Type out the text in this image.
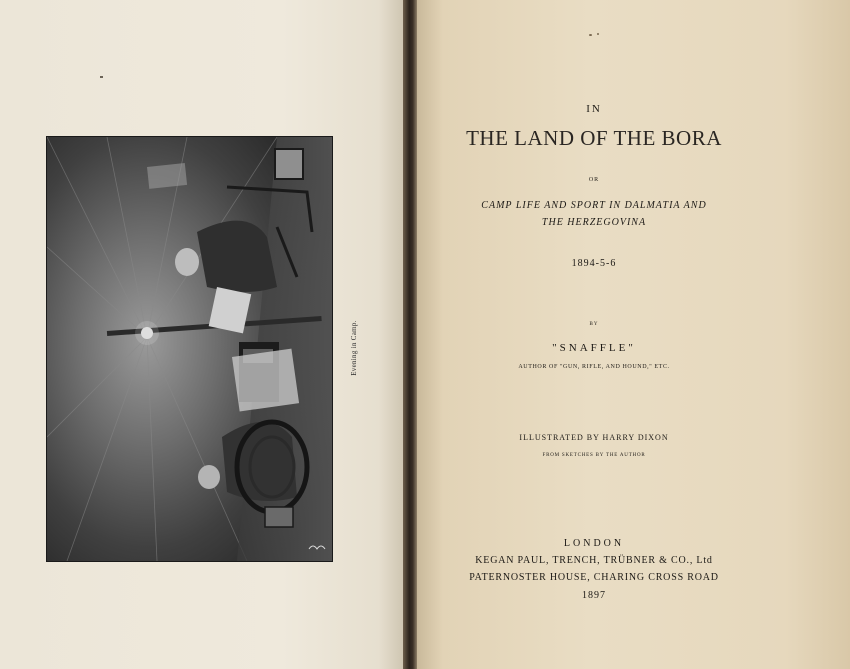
Evening in Camp.
IN
THE LAND OF THE BORA
OR
CAMP LIFE AND SPORT IN DALMATIA AND
THE HERZEGOVINA
1894-5-6
BY
"SNAFFLE"
AUTHOR OF "GUN, RIFLE, AND HOUND," ETC.
ILLUSTRATED BY HARRY DIXON
FROM SKETCHES BY THE AUTHOR
LONDON
KEGAN PAUL, TRENCH, TRÜBNER & CO., Ltd
PATERNOSTER HOUSE, CHARING CROSS ROAD
1897
